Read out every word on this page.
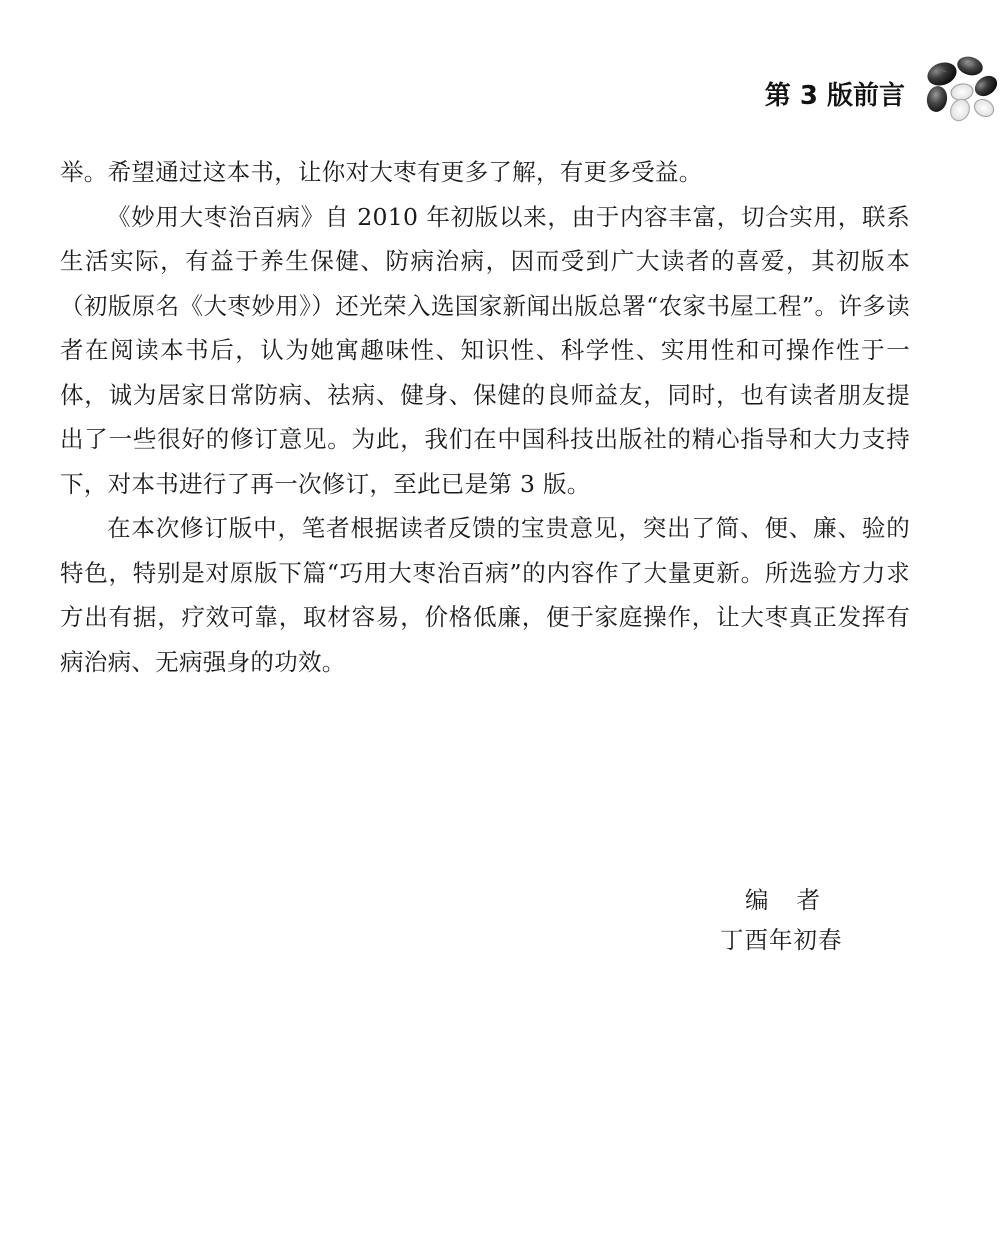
第 3 版前言

举。希望通过这本书，让你对大枣有更多了解，有更多受益。

《妙用大枣治百病》自 2010 年初版以来，由于内容丰富，切合实用，联系生活实际，有益于养生保健、防病治病，因而受到广大读者的喜爱，其初版本（初版原名《大枣妙用》）还光荣入选国家新闻出版总署“农家书屋工程”。许多读者在阅读本书后，认为她寓趣味性、知识性、科学性、实用性和可操作性于一体，诚为居家日常防病、祛病、健身、保健的良师益友，同时，也有读者朋友提出了一些很好的修订意见。为此，我们在中国科技出版社的精心指导和大力支持下，对本书进行了再一次修订，至此已是第 3 版。

在本次修订版中，笔者根据读者反馈的宝贵意见，突出了简、便、廉、验的特色，特别是对原版下篇“巧用大枣治百病”的内容作了大量更新。所选验方力求方出有据，疗效可靠，取材容易，价格低廉，便于家庭操作，让大枣真正发挥有病治病、无病强身的功效。

编者
丁酉年初春
